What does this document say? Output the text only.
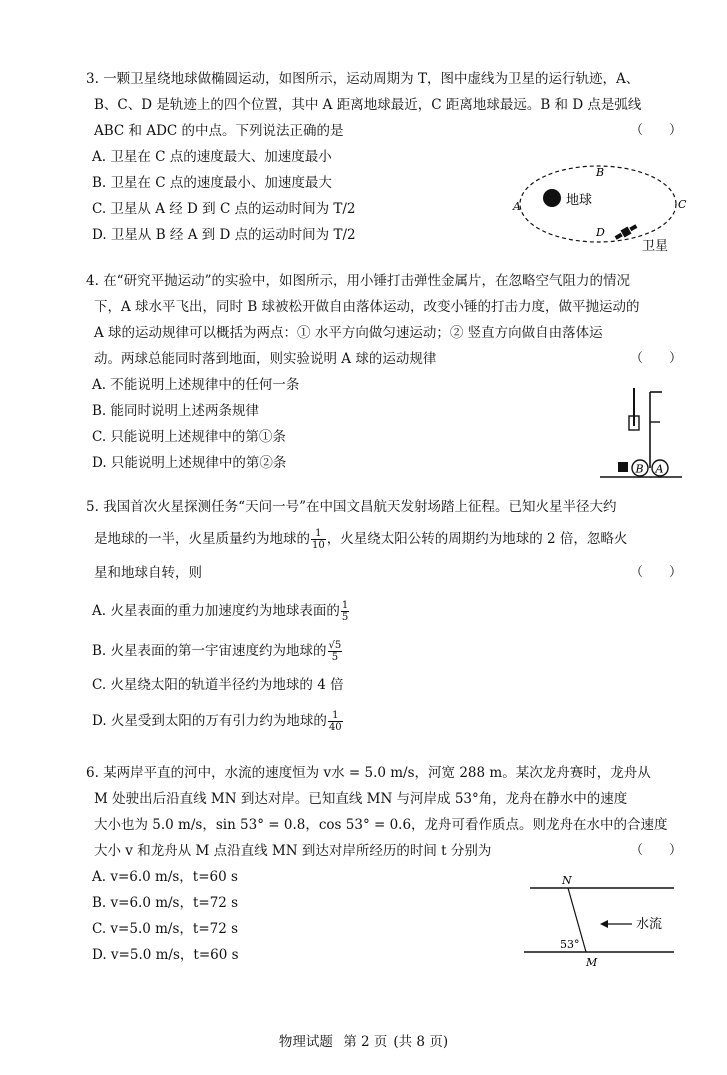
3. 一颗卫星绕地球做椭圆运动，如图所示，运动周期为 T，图中虚线为卫星的运行轨迹，A、
B、C、D 是轨迹上的四个位置，其中 A 距离地球最近，C 距离地球最远。B 和 D 点是弧线
ABC 和 ADC 的中点。下列说法正确的是	（　　）
A. 卫星在 C 点的速度最大、加速度最小
B. 卫星在 C 点的速度最小、加速度最大
C. 卫星从 A 经 D 到 C 点的运动时间为 T/2
D. 卫星从 B 经 A 到 D 点的运动时间为 T/2
地球
B
A	C
D
卫星
4. 在“研究平抛运动”的实验中，如图所示，用小锤打击弹性金属片，在忽略空气阻力的情况
下，A 球水平飞出，同时 B 球被松开做自由落体运动，改变小锤的打击力度，做平抛运动的
A 球的运动规律可以概括为两点：① 水平方向做匀速运动；② 竖直方向做自由落体运
动。两球总能同时落到地面，则实验说明 A 球的运动规律	（　　）
A. 不能说明上述规律中的任何一条
B. 能同时说明上述两条规律
C. 只能说明上述规律中的第①条
D. 只能说明上述规律中的第②条	B A
5. 我国首次火星探测任务“天问一号”在中国文昌航天发射场踏上征程。已知火星半径大约
是地球的一半，火星质量约为地球的 $\frac{1}{10}$ ，火星绕太阳公转的周期约为地球的 2 倍，忽略火
星和地球自转，则	（　　）
A. 火星表面的重力加速度约为地球表面的 $\frac{1}{5}$
B. 火星表面的第一宇宙速度约为地球的 $\frac{√5}{5}$
C. 火星绕太阳的轨道半径约为地球的 4 倍
D. 火星受到太阳的万有引力约为地球的 $\frac{1}{40}$
6. 某两岸平直的河中，水流的速度恒为 v水 = 5.0 m/s，河宽 288 m。某次龙舟赛时，龙舟从
M 处驶出后沿直线 MN 到达对岸。已知直线 MN 与河岸成 53°角，龙舟在静水中的速度
大小也为 5.0 m/s，sin 53° = 0.8，cos 53° = 0.6，龙舟可看作质点。则龙舟在水中的合速度
大小 v 和龙舟从 M 点沿直线 MN 到达对岸所经历的时间 t 分别为	（　　）
A. v=6.0 m/s，t=60 s
B. v=6.0 m/s，t=72 s
C. v=5.0 m/s，t=72 s
D. v=5.0 m/s，t=60 s
N
M
53°
水流
物理试题 第 2 页 (共 8 页)
